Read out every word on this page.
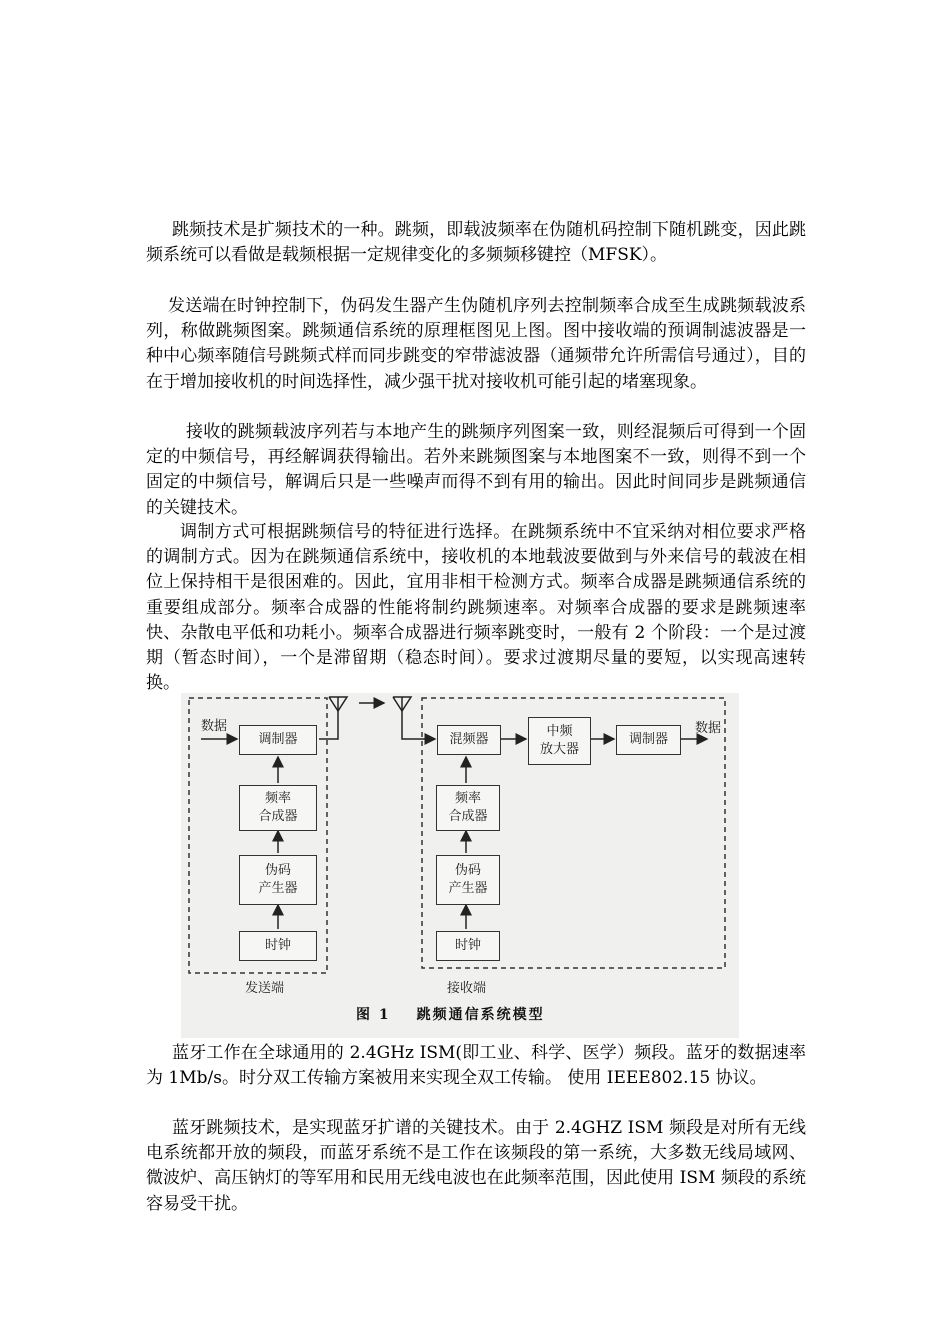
跳频技术是扩频技术的一种。跳频，即载波频率在伪随机码控制下随机跳变，因此跳频系统可以看做是载频根据一定规律变化的多频频移键控（MFSK）。

发送端在时钟控制下，伪码发生器产生伪随机序列去控制频率合成至生成跳频载波系列，称做跳频图案。跳频通信系统的原理框图见上图。图中接收端的预调制滤波器是一种中心频率随信号跳频式样而同步跳变的窄带滤波器（通频带允许所需信号通过），目的在于增加接收机的时间选择性，减少强干扰对接收机可能引起的堵塞现象。

接收的跳频载波序列若与本地产生的跳频序列图案一致，则经混频后可得到一个固定的中频信号，再经解调获得输出。若外来跳频图案与本地图案不一致，则得不到一个固定的中频信号，解调后只是一些噪声而得不到有用的输出。因此时间同步是跳频通信的关键技术。

调制方式可根据跳频信号的特征进行选择。在跳频系统中不宜采纳对相位要求严格的调制方式。因为在跳频通信系统中，接收机的本地载波要做到与外来信号的载波在相位上保持相干是很困难的。因此，宜用非相干检测方式。频率合成器是跳频通信系统的重要组成部分。频率合成器的性能将制约跳频速率。对频率合成器的要求是跳频速率快、杂散电平低和功耗小。频率合成器进行频率跳变时，一般有 2 个阶段：一个是过渡期（暂态时间），一个是滞留期（稳态时间）。要求过渡期尽量的要短，以实现高速转换。

数据
调制器
频率
合成器
伪码
产生器
时钟
发送端
混频器
中频
放大器
调制器
数据
频率
合成器
伪码
产生器
时钟
接收端
图 1 跳频通信系统模型

蓝牙工作在全球通用的 2.4GHz ISM(即工业、科学、医学）频段。蓝牙的数据速率为 1Mb/s。时分双工传输方案被用来实现全双工传输。 使用 IEEE802.15 协议。

蓝牙跳频技术，是实现蓝牙扩谱的关键技术。由于 2.4GHZ ISM 频段是对所有无线电系统都开放的频段，而蓝牙系统不是工作在该频段的第一系统，大多数无线局域网、微波炉、高压钠灯的等军用和民用无线电波也在此频率范围，因此使用 ISM 频段的系统容易受干扰。
